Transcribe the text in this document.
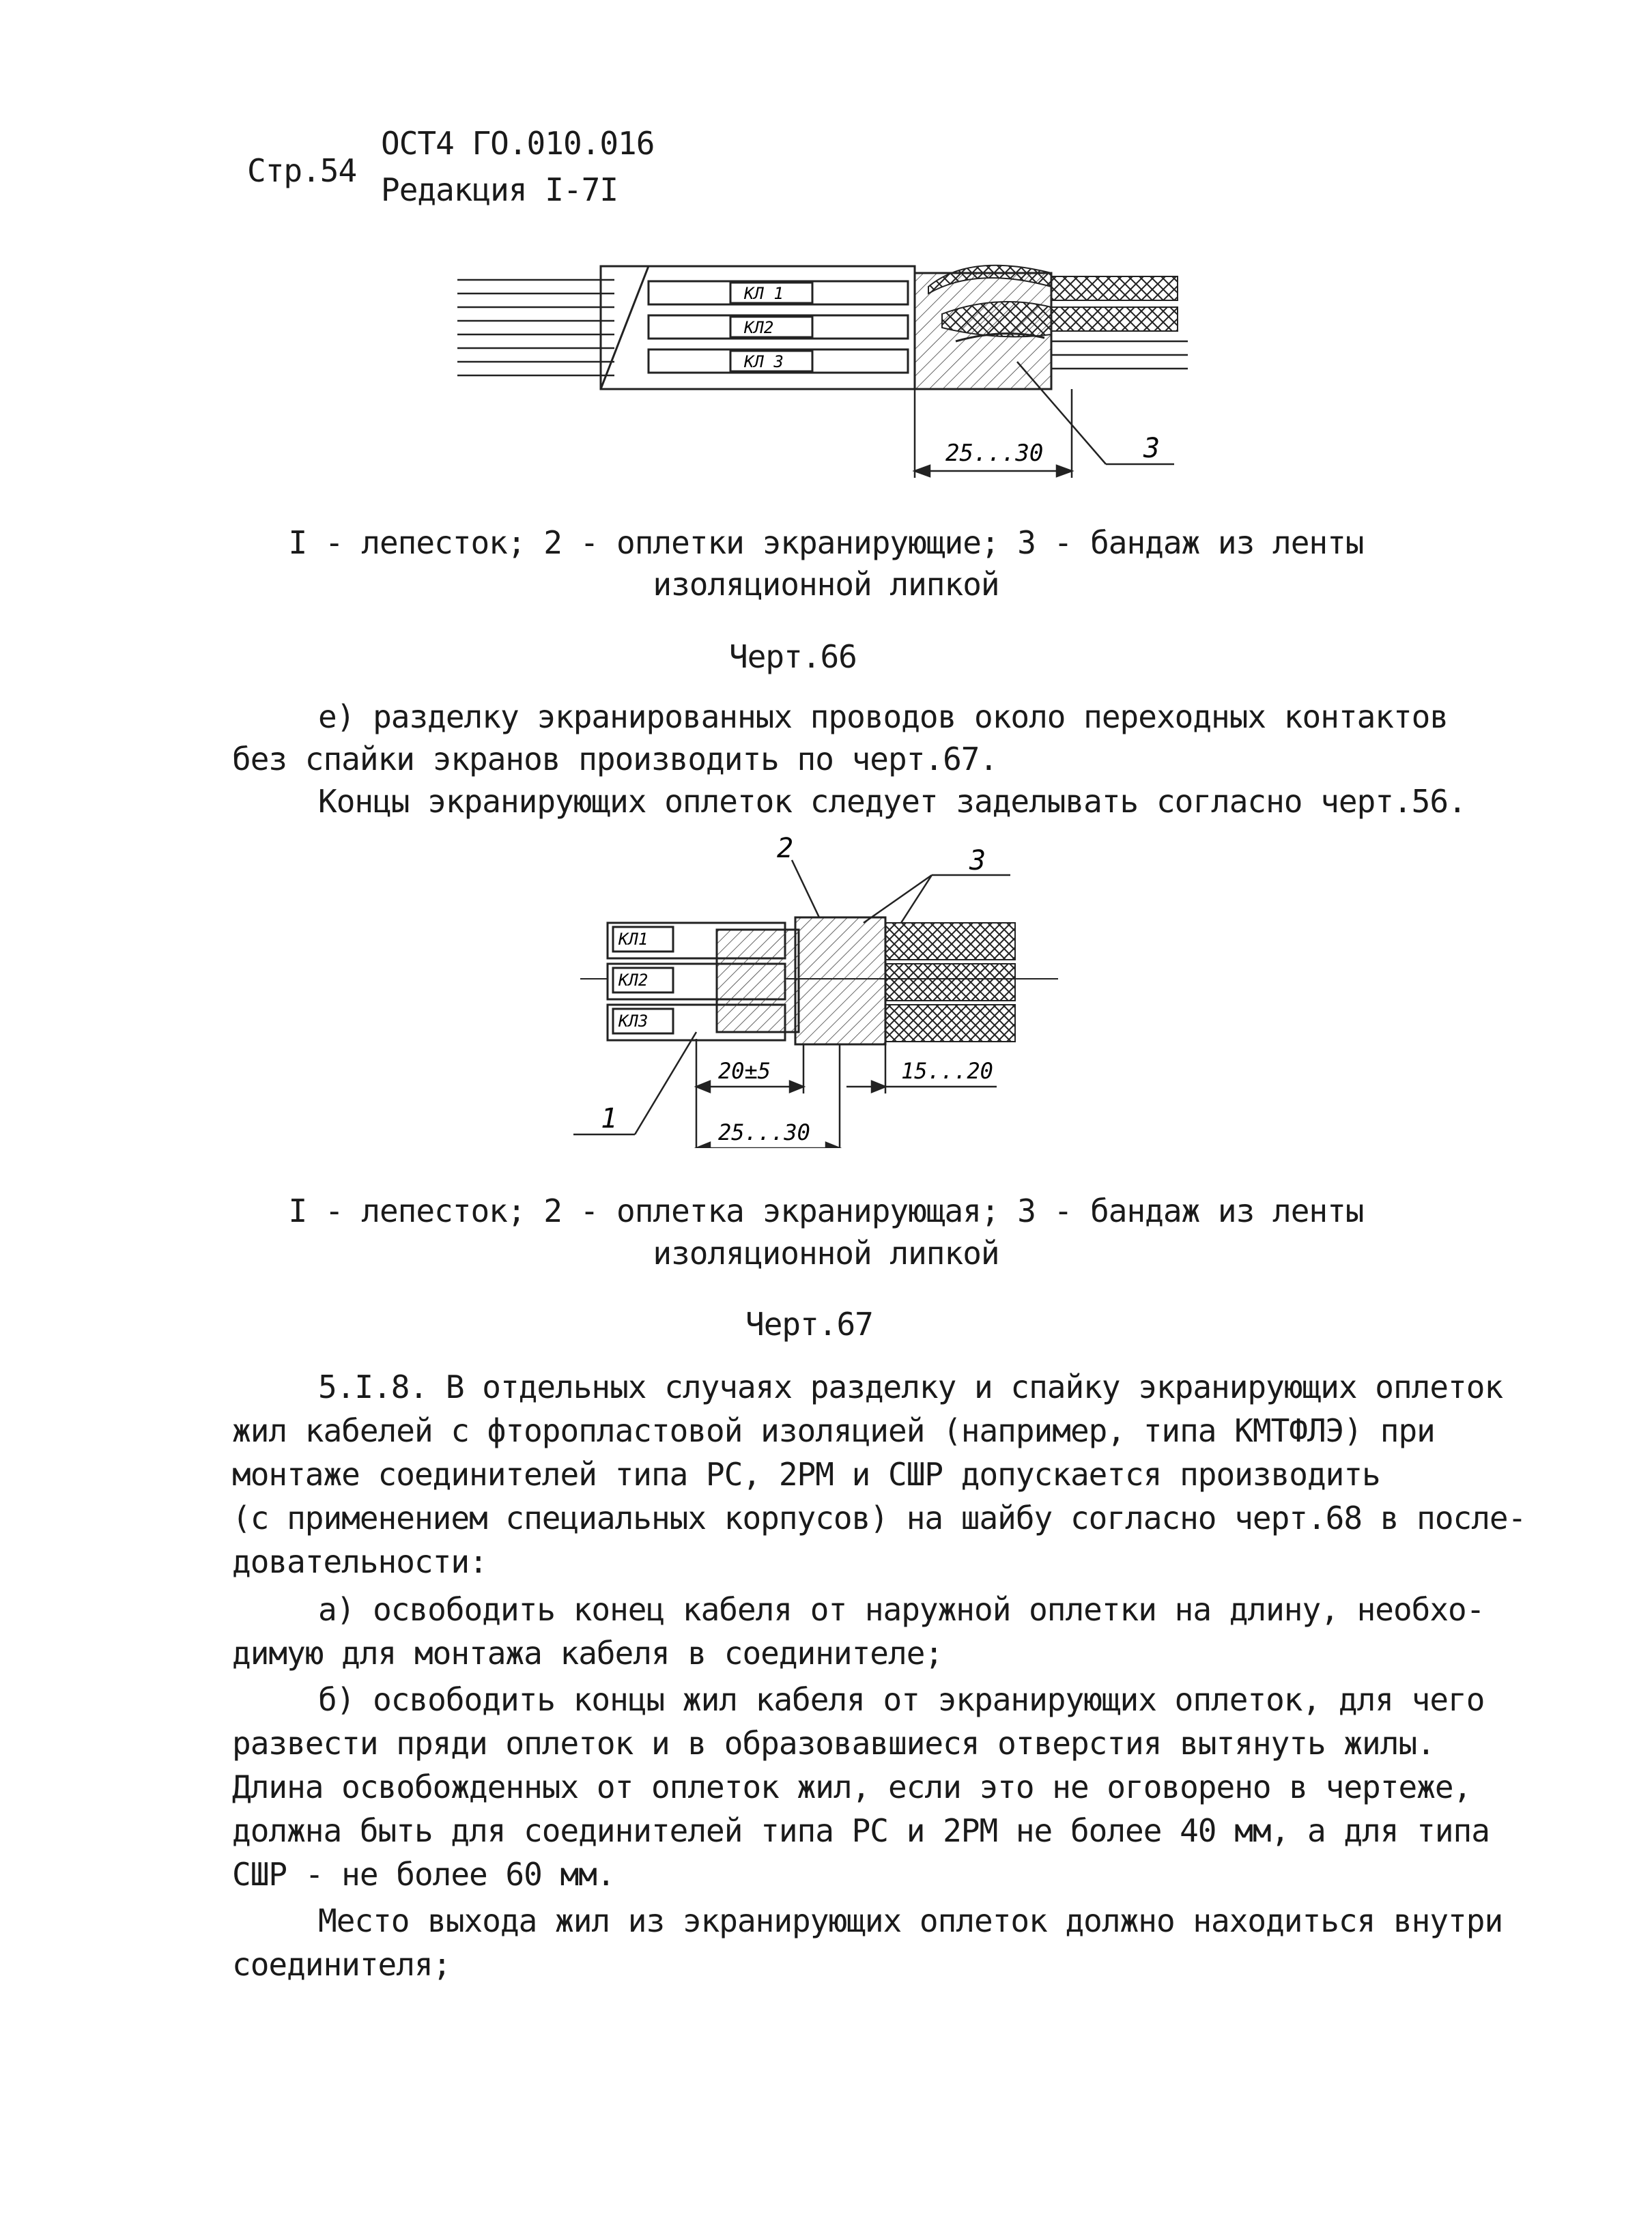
Стр.54
ОСТ4 ГО.010.016
Редакция I-7I
КЛ 1
КЛ2
КЛ 3
25...30	3
I - лепесток; 2 - оплетки экранирующие; 3 - бандаж из ленты
изоляционной липкой
Черт.66
е) разделку экранированных проводов около переходных контактов
без спайки экранов производить по черт.67.
Концы экранирующих оплеток следует заделывать согласно черт.56.
КЛ1
КЛ2
КЛ3
2	3
1
20±5	15...20
25...30
I - лепесток; 2 - оплетка экранирующая; 3 - бандаж из ленты
изоляционной липкой
Черт.67
5.I.8. В отдельных случаях разделку и спайку экранирующих оплеток
жил кабелей с фторопластовой изоляцией (например, типа КМТФЛЭ) при
монтаже соединителей типа РС, 2РМ и СШР допускается производить
(с применением специальных корпусов) на шайбу согласно черт.68 в после-
довательности:
а) освободить конец кабеля от наружной оплетки на длину, необхо-
димую для монтажа кабеля в соединителе;
б) освободить концы жил кабеля от экранирующих оплеток, для чего
развести пряди оплеток и в образовавшиеся отверстия вытянуть жилы.
Длина освобожденных от оплеток жил, если это не оговорено в чертеже,
должна быть для соединителей типа РС и 2РМ не более 40 мм, а для типа
СШР - не более 60 мм.
Место выхода жил из экранирующих оплеток должно находиться внутри
соединителя;
